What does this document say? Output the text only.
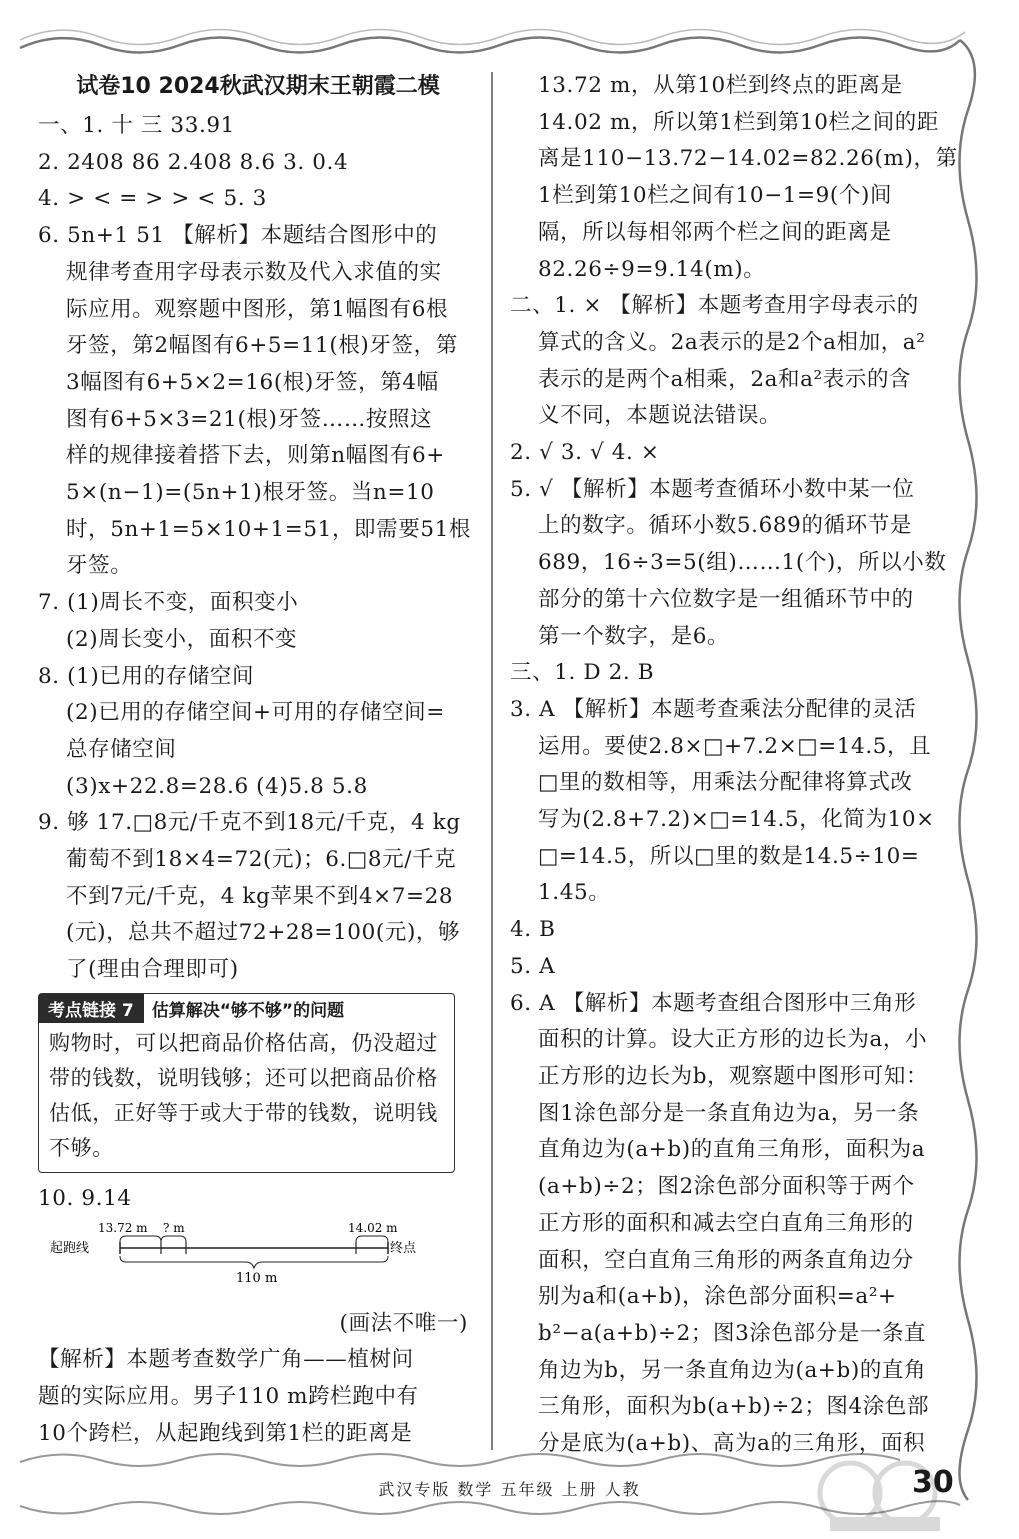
试卷10 2024秋武汉期末王朝霞二模
一、1. 十 三 33.91
2. 2408 86 2.408 8.6 3. 0.4
4. > < = > > < 5. 3
6. 5n+1 51 【解析】本题结合图形中的
规律考查用字母表示数及代入求值的实
际应用。观察题中图形，第1幅图有6根
牙签，第2幅图有6+5=11(根)牙签，第
3幅图有6+5×2=16(根)牙签，第4幅
图有6+5×3=21(根)牙签……按照这
样的规律接着搭下去，则第n幅图有6+
5×(n−1)=(5n+1)根牙签。当n=10
时，5n+1=5×10+1=51，即需要51根
牙签。
7. (1)周长不变，面积变小
(2)周长变小，面积不变
8. (1)已用的存储空间
(2)已用的存储空间+可用的存储空间=
总存储空间
(3)x+22.8=28.6 (4)5.8 5.8
9. 够 17.□8元/千克不到18元/千克，4 kg
葡萄不到18×4=72(元)；6.□8元/千克
不到7元/千克，4 kg苹果不到4×7=28
(元)，总共不超过72+28=100(元)，够
了(理由合理即可)
考点链接 7	估算解决“够不够”的问题
购物时，可以把商品价格估高，仍没超过
带的钱数，说明钱够；还可以把商品价格
估低，正好等于或大于带的钱数，说明钱
不够。
10. 9.14
13.72 m ? m	14.02 m
起跑线	终点
110 m
(画法不唯一)
【解析】本题考查数学广角——植树问
题的实际应用。男子110 m跨栏跑中有
10个跨栏，从起跑线到第1栏的距离是
13.72 m，从第10栏到终点的距离是
14.02 m，所以第1栏到第10栏之间的距
离是110−13.72−14.02=82.26(m)，第
1栏到第10栏之间有10−1=9(个)间
隔，所以每相邻两个栏之间的距离是
82.26÷9=9.14(m)。
二、1. × 【解析】本题考查用字母表示的
算式的含义。2a表示的是2个a相加，a²
表示的是两个a相乘，2a和a²表示的含
义不同，本题说法错误。
2. √ 3. √ 4. ×
5. √ 【解析】本题考查循环小数中某一位
上的数字。循环小数5.6̇89̇的循环节是
689，16÷3=5(组)……1(个)，所以小数
部分的第十六位数字是一组循环节中的
第一个数字，是6。
三、1. D 2. B
3. A 【解析】本题考查乘法分配律的灵活
运用。要使2.8×□+7.2×□=14.5，且
□里的数相等，用乘法分配律将算式改
写为(2.8+7.2)×□=14.5，化简为10×
□=14.5，所以□里的数是14.5÷10=
1.45。
4. B
5. A
6. A 【解析】本题考查组合图形中三角形
面积的计算。设大正方形的边长为a，小
正方形的边长为b，观察题中图形可知：
图1涂色部分是一条直角边为a，另一条
直角边为(a+b)的直角三角形，面积为a
(a+b)÷2；图2涂色部分面积等于两个
正方形的面积和减去空白直角三角形的
面积，空白直角三角形的两条直角边分
别为a和(a+b)，涂色部分面积=a²+
b²−a(a+b)÷2；图3涂色部分是一条直
角边为b，另一条直角边为(a+b)的直角
三角形，面积为b(a+b)÷2；图4涂色部
分是底为(a+b)、高为a的三角形，面积
武汉专版 数学 五年级 上册 人教	30
